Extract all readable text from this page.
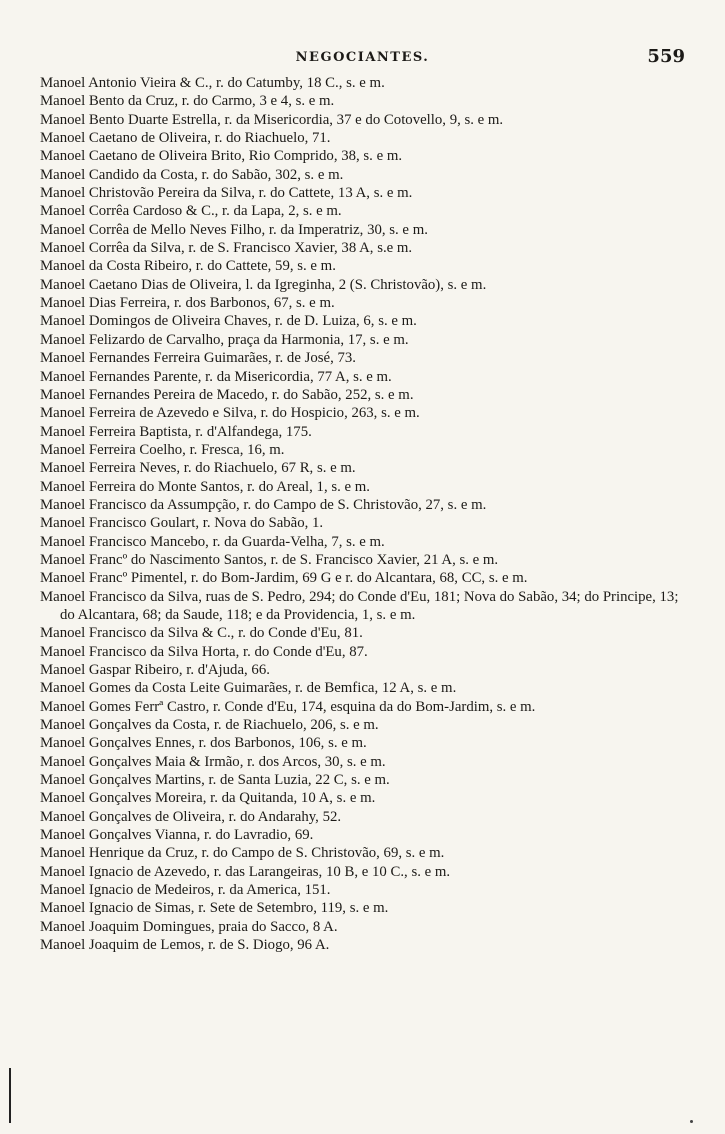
NEGOCIANTES.	559
Manoel Antonio Vieira & C., r. do Catumby, 18 C., s. e m.
Manoel Bento da Cruz, r. do Carmo, 3 e 4, s. e m.
Manoel Bento Duarte Estrella, r. da Misericordia, 37 e do Cotovello, 9, s. e m.
Manoel Caetano de Oliveira, r. do Riachuelo, 71.
Manoel Caetano de Oliveira Brito, Rio Comprido, 38, s. e m.
Manoel Candido da Costa, r. do Sabão, 302, s. e m.
Manoel Christovão Pereira da Silva, r. do Cattete, 13 A, s. e m.
Manoel Corrêa Cardoso & C., r. da Lapa, 2, s. e m.
Manoel Corrêa de Mello Neves Filho, r. da Imperatriz, 30, s. e m.
Manoel Corrêa da Silva, r. de S. Francisco Xavier, 38 A, s.e m.
Manoel da Costa Ribeiro, r. do Cattete, 59, s. e m.
Manoel Caetano Dias de Oliveira, l. da Igreginha, 2 (S. Christovão), s. e m.
Manoel Dias Ferreira, r. dos Barbonos, 67, s. e m.
Manoel Domingos de Oliveira Chaves, r. de D. Luiza, 6, s. e m.
Manoel Felizardo de Carvalho, praça da Harmonia, 17, s. e m.
Manoel Fernandes Ferreira Guimarães, r. de José, 73.
Manoel Fernandes Parente, r. da Misericordia, 77 A, s. e m.
Manoel Fernandes Pereira de Macedo, r. do Sabão, 252, s. e m.
Manoel Ferreira de Azevedo e Silva, r. do Hospicio, 263, s. e m.
Manoel Ferreira Baptista, r. d'Alfandega, 175.
Manoel Ferreira Coelho, r. Fresca, 16, m.
Manoel Ferreira Neves, r. do Riachuelo, 67 R, s. e m.
Manoel Ferreira do Monte Santos, r. do Areal, 1, s. e m.
Manoel Francisco da Assumpção, r. do Campo de S. Christovão, 27, s. e m.
Manoel Francisco Goulart, r. Nova do Sabão, 1.
Manoel Francisco Mancebo, r. da Guarda-Velha, 7, s. e m.
Manoel Francº do Nascimento Santos, r. de S. Francisco Xavier, 21 A, s. e m.
Manoel Francº Pimentel, r. do Bom-Jardim, 69 G e r. do Alcantara, 68, CC, s. e m.
Manoel Francisco da Silva, ruas de S. Pedro, 294; do Conde d'Eu, 181; Nova do Sabão, 34; do Principe, 13; do Alcantara, 68; da Saude, 118; e da Providencia, 1, s. e m.
Manoel Francisco da Silva & C., r. do Conde d'Eu, 81.
Manoel Francisco da Silva Horta, r. do Conde d'Eu, 87.
Manoel Gaspar Ribeiro, r. d'Ajuda, 66.
Manoel Gomes da Costa Leite Guimarães, r. de Bemfica, 12 A, s. e m.
Manoel Gomes Ferrª Castro, r. Conde d'Eu, 174, esquina da do Bom-Jardim, s. e m.
Manoel Gonçalves da Costa, r. de Riachuelo, 206, s. e m.
Manoel Gonçalves Ennes, r. dos Barbonos, 106, s. e m.
Manoel Gonçalves Maia & Irmão, r. dos Arcos, 30, s. e m.
Manoel Gonçalves Martins, r. de Santa Luzia, 22 C, s. e m.
Manoel Gonçalves Moreira, r. da Quitanda, 10 A, s. e m.
Manoel Gonçalves de Oliveira, r. do Andarahy, 52.
Manoel Gonçalves Vianna, r. do Lavradio, 69.
Manoel Henrique da Cruz, r. do Campo de S. Christovão, 69, s. e m.
Manoel Ignacio de Azevedo, r. das Larangeiras, 10 B, e 10 C., s. e m.
Manoel Ignacio de Medeiros, r. da America, 151.
Manoel Ignacio de Simas, r. Sete de Setembro, 119, s. e m.
Manoel Joaquim Domingues, praia do Sacco, 8 A.
Manoel Joaquim de Lemos, r. de S. Diogo, 96 A.
